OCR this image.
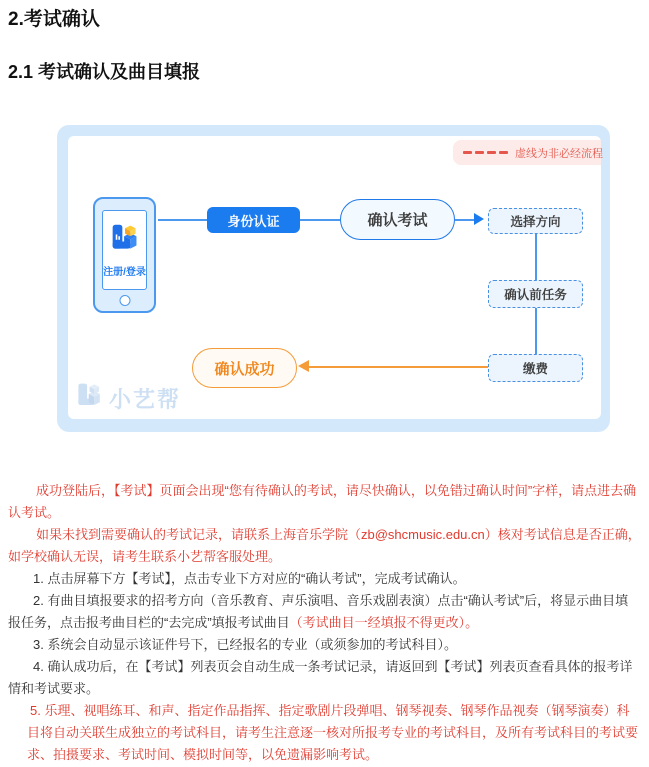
2.考试确认
2.1 考试确认及曲目填报
虚线为非必经流程
注册/登录
身份认证	确认考试	选择方向
确认前任务
缴费
确认成功
小艺帮
成功登陆后，【考试】页面会出现“您有待确认的考试，请尽快确认，以免错过确认时间”字样，请点进去确认考试。
如果未找到需要确认的考试记录，请联系上海音乐学院（zb@shcmusic.edu.cn）核对考试信息是否正确，如学校确认无误，请考生联系小艺帮客服处理。
1. 点击屏幕下方【考试】，点击专业下方对应的“确认考试”，完成考试确认。
2. 有曲目填报要求的招考方向（音乐教育、声乐演唱、音乐戏剧表演）点击“确认考试”后，将显示曲目填报任务，点击报考曲目栏的“去完成”填报考试曲目（考试曲目一经填报不得更改）。
3. 系统会自动显示该证件号下，已经报名的专业（或须参加的考试科目）。
4. 确认成功后，在【考试】列表页会自动生成一条考试记录，请返回到【考试】列表页查看具体的报考详情和考试要求。
5. 乐理、视唱练耳、和声、指定作品指挥、指定歌剧片段弹唱、钢琴视奏、钢琴作品视奏（钢琴演奏）科目将自动关联生成独立的考试科目，请考生注意逐一核对所报考专业的考试科目，及所有考试科目的考试要求、拍摄要求、考试时间、模拟时间等，以免遗漏影响考试。
